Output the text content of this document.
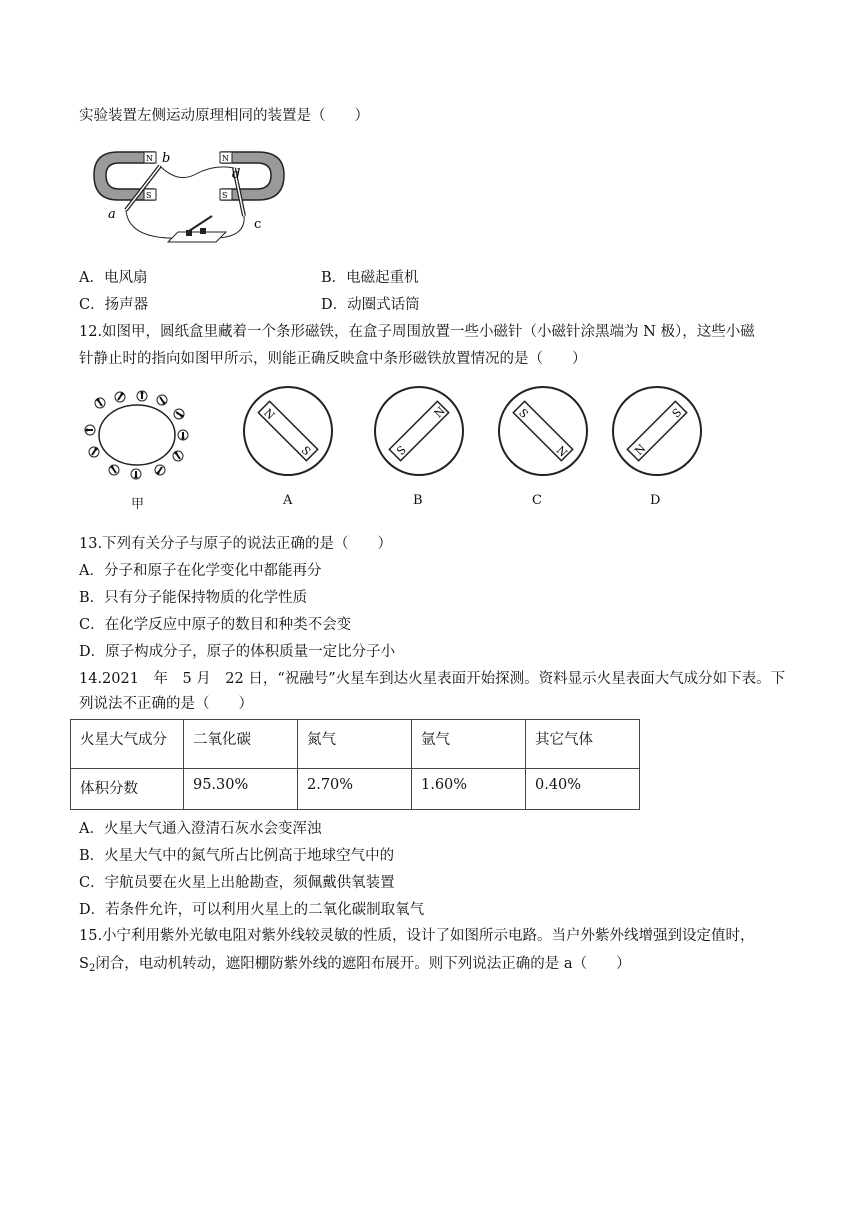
实验装置左侧运动原理相同的装置是（　　）
N
S
N
S
a
b
c
d
A．电风扇	B．电磁起重机
C．扬声器	D．动圈式话筒
12.如图甲，圆纸盒里藏着一个条形磁铁，在盒子周围放置一些小磁针（小磁针涂黑端为 N 极），这些小磁
针静止时的指向如图甲所示，则能正确反映盒中条形磁铁放置情况的是（　　）
甲
N
S	S
N	S
N	N
S
A	B	C	D
13.下列有关分子与原子的说法正确的是（　　）
A．分子和原子在化学变化中都能再分
B．只有分子能保持物质的化学性质
C．在化学反应中原子的数目和种类不会变
D．原子构成分子，原子的体积质量一定比分子小
14.2021　年　5 月　22 日，“祝融号”火星车到达火星表面开始探测。资料显示火星表面大气成分如下表。下
列说法不正确的是（　　）
火星大气成分	二氧化碳	氮气	氩气	其它气体
体积分数	95.30%	2.70%	1.60%	0.40%
A．火星大气通入澄清石灰水会变浑浊
B．火星大气中的氮气所占比例高于地球空气中的
C．宇航员要在火星上出舱勘查，须佩戴供氧装置
D．若条件允许，可以利用火星上的二氧化碳制取氧气
15.小宁利用紫外光敏电阻对紫外线较灵敏的性质，设计了如图所示电路。当户外紫外线增强到设定值时，
$S_2$闭合，电动机转动，遮阳棚防紫外线的遮阳布展开。则下列说法正确的是 a（　　）
